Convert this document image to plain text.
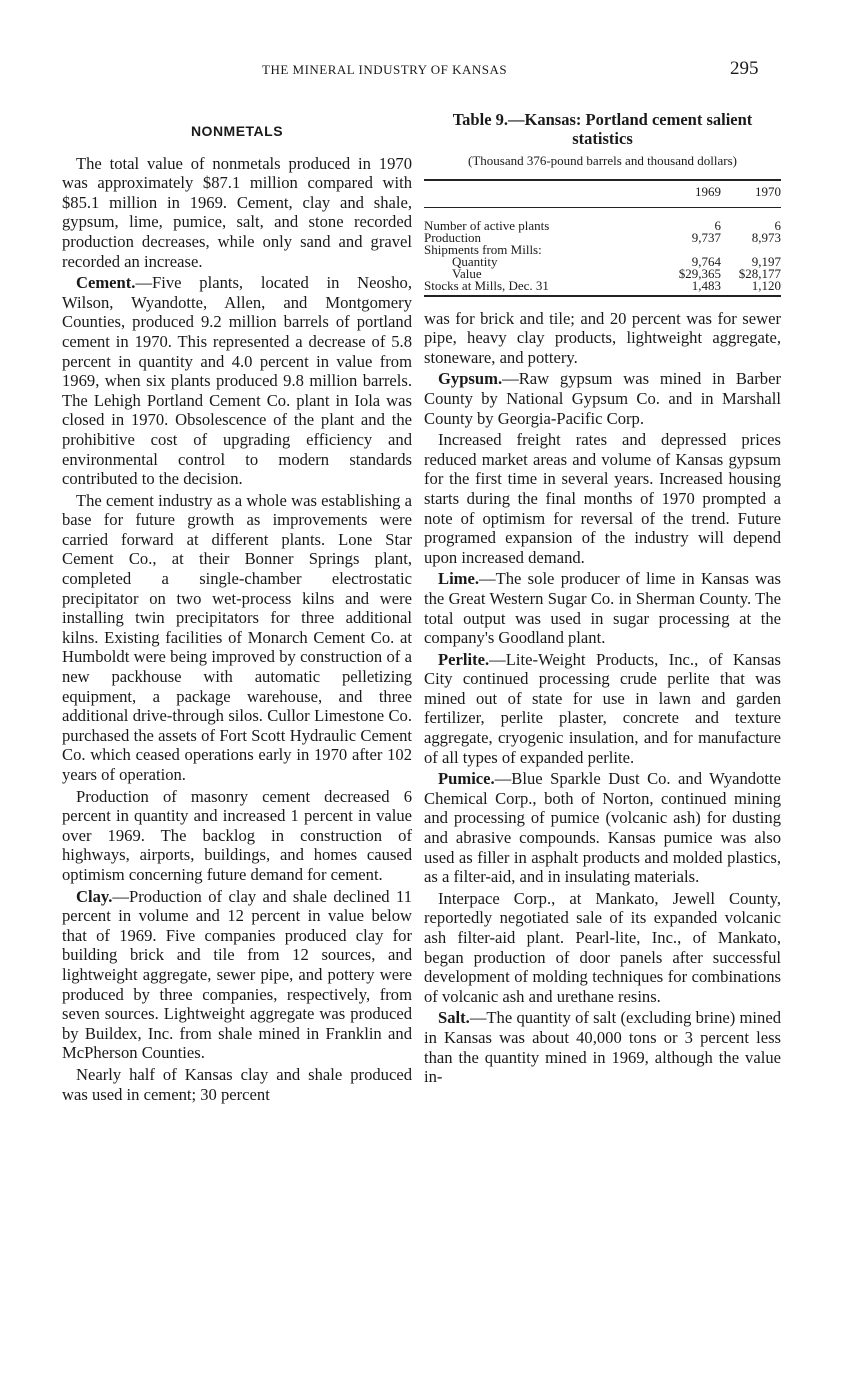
THE MINERAL INDUSTRY OF KANSAS	295
NONMETALS

The total value of nonmetals produced in 1970 was approximately $87.1 million compared with $85.1 million in 1969. Cement, clay and shale, gypsum, lime, pumice, salt, and stone recorded production decreases, while only sand and gravel recorded an increase.

Cement.—Five plants, located in Neosho, Wilson, Wyandotte, Allen, and Montgomery Counties, produced 9.2 million barrels of portland cement in 1970. This represented a decrease of 5.8 percent in quantity and 4.0 percent in value from 1969, when six plants produced 9.8 million barrels. The Lehigh Portland Cement Co. plant in Iola was closed in 1970. Obsolescence of the plant and the prohibitive cost of upgrading efficiency and environmental control to modern standards contributed to the decision.

The cement industry as a whole was establishing a base for future growth as improvements were carried forward at different plants. Lone Star Cement Co., at their Bonner Springs plant, completed a single-chamber electrostatic precipitator on two wet-process kilns and were installing twin precipitators for three additional kilns. Existing facilities of Monarch Cement Co. at Humboldt were being improved by construction of a new packhouse with automatic pelletizing equipment, a package warehouse, and three additional drive-through silos. Cullor Limestone Co. purchased the assets of Fort Scott Hydraulic Cement Co. which ceased operations early in 1970 after 102 years of operation.

Production of masonry cement decreased 6 percent in quantity and increased 1 percent in value over 1969. The backlog in construction of highways, airports, buildings, and homes caused optimism concerning future demand for cement.

Clay.—Production of clay and shale declined 11 percent in volume and 12 percent in value below that of 1969. Five companies produced clay for building brick and tile from 12 sources, and lightweight aggregate, sewer pipe, and pottery were produced by three companies, respectively, from seven sources. Lightweight aggregate was produced by Buildex, Inc. from shale mined in Franklin and McPherson Counties.

Nearly half of Kansas clay and shale produced was used in cement; 30 percent

Table 9.—Kansas: Portland cement salient statistics
(Thousand 376-pound barrels and thousand dollars)
	1969	1970
Number of active plants	6	6
Production	9,737	8,973
Shipments from Mills:		
Quantity	9,764	9,197
Value	$29,365	$28,177
Stocks at Mills, Dec. 31	1,483	1,120

was for brick and tile; and 20 percent was for sewer pipe, heavy clay products, lightweight aggregate, stoneware, and pottery.

Gypsum.—Raw gypsum was mined in Barber County by National Gypsum Co. and in Marshall County by Georgia-Pacific Corp.

Increased freight rates and depressed prices reduced market areas and volume of Kansas gypsum for the first time in several years. Increased housing starts during the final months of 1970 prompted a note of optimism for reversal of the trend. Future programed expansion of the industry will depend upon increased demand.

Lime.—The sole producer of lime in Kansas was the Great Western Sugar Co. in Sherman County. The total output was used in sugar processing at the company's Goodland plant.

Perlite.—Lite-Weight Products, Inc., of Kansas City continued processing crude perlite that was mined out of state for use in lawn and garden fertilizer, perlite plaster, concrete and texture aggregate, cryogenic insulation, and for manufacture of all types of expanded perlite.

Pumice.—Blue Sparkle Dust Co. and Wyandotte Chemical Corp., both of Norton, continued mining and processing of pumice (volcanic ash) for dusting and abrasive compounds. Kansas pumice was also used as filler in asphalt products and molded plastics, as a filter-aid, and in insulating materials.

Interpace Corp., at Mankato, Jewell County, reportedly negotiated sale of its expanded volcanic ash filter-aid plant. Pearl-lite, Inc., of Mankato, began production of door panels after successful development of molding techniques for combinations of volcanic ash and urethane resins.

Salt.—The quantity of salt (excluding brine) mined in Kansas was about 40,000 tons or 3 percent less than the quantity mined in 1969, although the value in-
